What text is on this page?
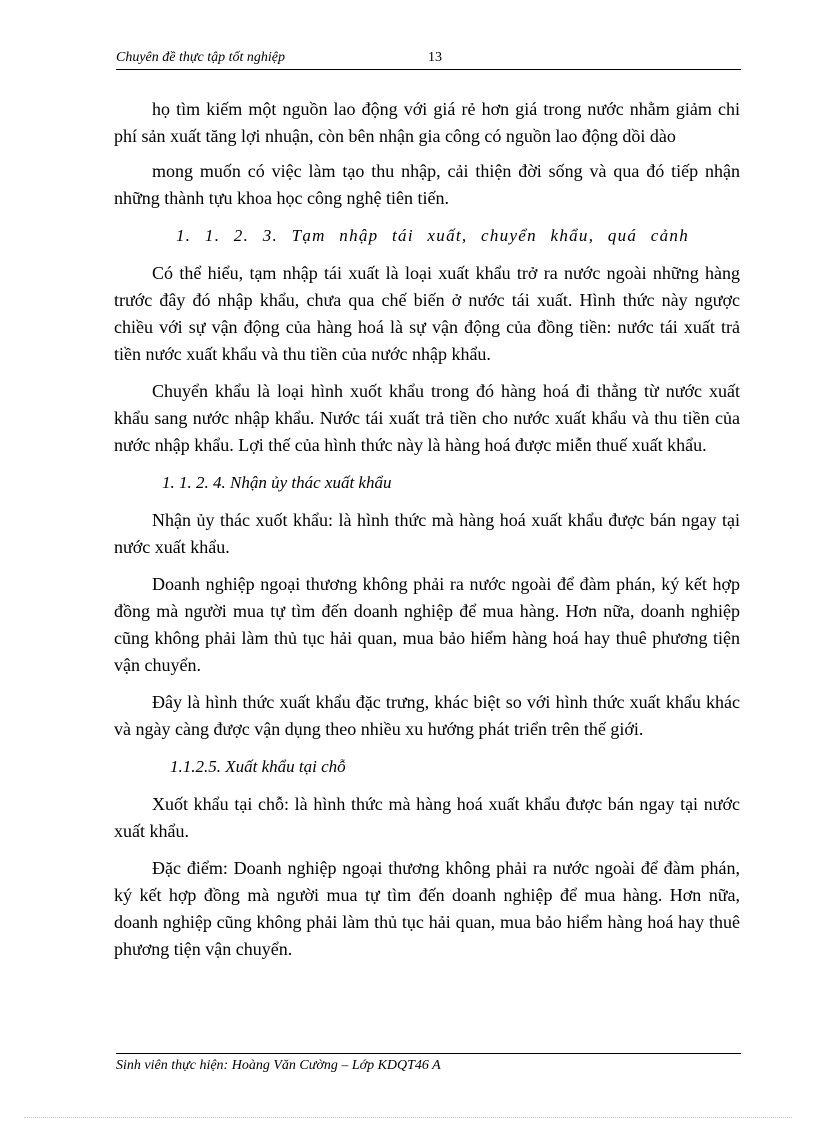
Chuyên đề thực tập tốt nghiệp	13

họ tìm kiếm một nguồn lao động với giá rẻ hơn giá trong nước nhằm giảm chi phí sản xuất tăng lợi nhuận, còn bên nhận gia công có nguồn lao động dồi dào

mong muốn có việc làm tạo thu nhập, cải thiện đời sống và qua đó tiếp nhận những thành tựu khoa học công nghệ tiên tiến.

1. 1. 2. 3. Tạm nhập tái xuất, chuyển khẩu, quá cảnh

Có thể hiểu, tạm nhập tái xuất là loại xuất khẩu trở ra nước ngoài những hàng trước đây đó nhập khẩu, chưa qua chế biến ở nước tái xuất. Hình thức này ngược chiều với sự vận động của hàng hoá là sự vận động của đồng tiền: nước tái xuất trả tiền nước xuất khẩu và thu tiền của nước nhập khẩu.

Chuyển khẩu là loại hình xuốt khẩu trong đó hàng hoá đi thẳng từ nước xuất khẩu sang nước nhập khẩu. Nước tái xuất trả tiền cho nước xuất khẩu và thu tiền của nước nhập khẩu. Lợi thế của hình thức này là hàng hoá được miễn thuế xuất khẩu.

1. 1. 2. 4. Nhận ủy thác xuất khẩu

Nhận ủy thác xuốt khẩu: là hình thức mà hàng hoá xuất khẩu được bán ngay tại nước xuất khẩu.

Doanh nghiệp ngoại thương không phải ra nước ngoài để đàm phán, ký kết hợp đồng mà người mua tự tìm đến doanh nghiệp để mua hàng. Hơn nữa, doanh nghiệp cũng không phải làm thủ tục hải quan, mua bảo hiểm hàng hoá hay thuê phương tiện vận chuyển.

Đây là hình thức xuất khẩu đặc trưng, khác biệt so với hình thức xuất khẩu khác và ngày càng được vận dụng theo nhiều xu hướng phát triển trên thế giới.

1.1.2.5. Xuất khẩu tại chỗ

Xuốt khẩu tại chỗ: là hình thức mà hàng hoá xuất khẩu được bán ngay tại nước xuất khẩu.

Đặc điểm: Doanh nghiệp ngoại thương không phải ra nước ngoài để đàm phán, ký kết hợp đồng mà người mua tự tìm đến doanh nghiệp để mua hàng. Hơn nữa, doanh nghiệp cũng không phải làm thủ tục hải quan, mua bảo hiểm hàng hoá hay thuê phương tiện vận chuyển.

Sinh viên thực hiện: Hoàng Văn Cường – Lớp KDQT46 A
